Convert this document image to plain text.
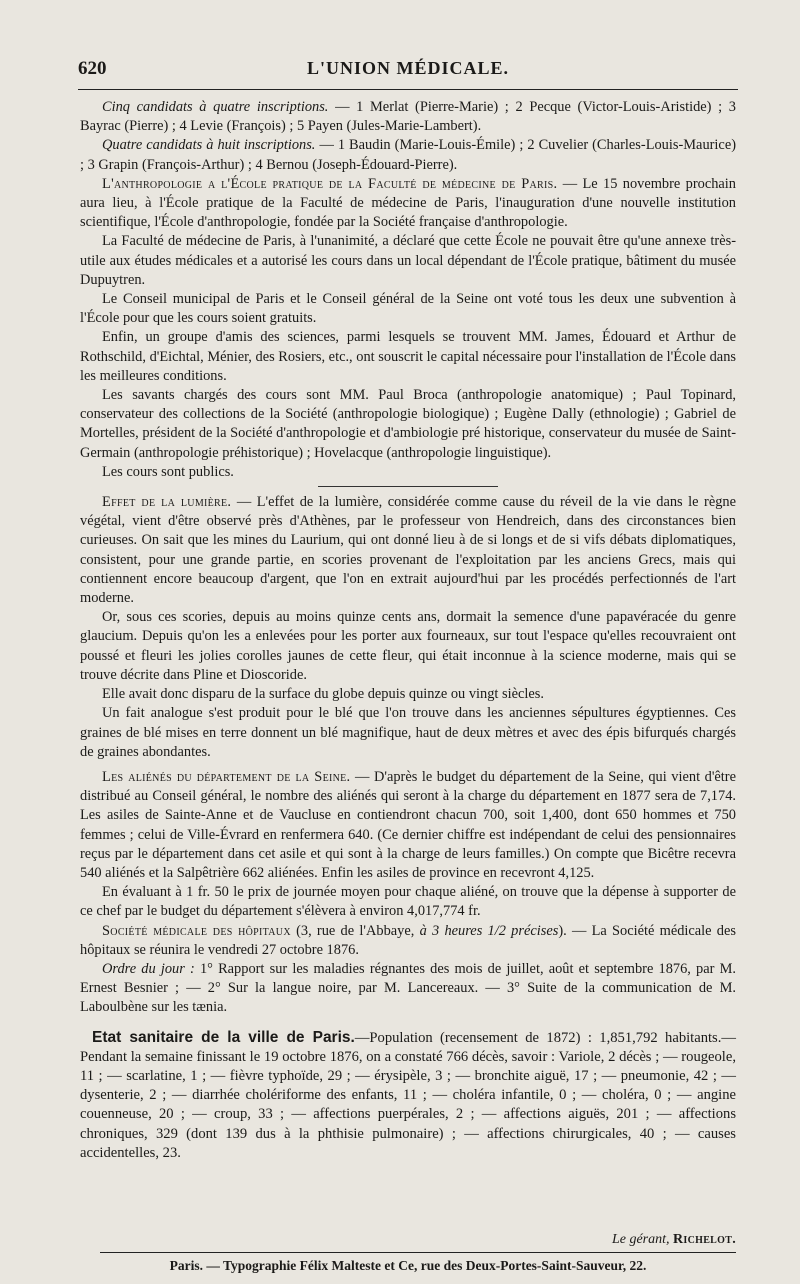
620	L'UNION MÉDICALE.

Cinq candidats à quatre inscriptions. — 1 Merlat (Pierre-Marie) ; 2 Pecque (Victor-Louis-Aristide) ; 3 Bayrac (Pierre) ; 4 Levie (François) ; 5 Payen (Jules-Marie-Lambert).

Quatre candidats à huit inscriptions. — 1 Baudin (Marie-Louis-Émile) ; 2 Cuvelier (Charles-Louis-Maurice) ; 3 Grapin (François-Arthur) ; 4 Bernou (Joseph-Édouard-Pierre).

L'anthropologie a l'École pratique de la Faculté de médecine de Paris. — Le 15 novembre prochain aura lieu, à l'École pratique de la Faculté de médecine de Paris, l'inauguration d'une nouvelle institution scientifique, l'École d'anthropologie, fondée par la Société française d'anthropologie.

La Faculté de médecine de Paris, à l'unanimité, a déclaré que cette École ne pouvait être qu'une annexe très-utile aux études médicales et a autorisé les cours dans un local dépendant de l'École pratique, bâtiment du musée Dupuytren.

Le Conseil municipal de Paris et le Conseil général de la Seine ont voté tous les deux une subvention à l'École pour que les cours soient gratuits.

Enfin, un groupe d'amis des sciences, parmi lesquels se trouvent MM. James, Édouard et Arthur de Rothschild, d'Eichtal, Ménier, des Rosiers, etc., ont souscrit le capital nécessaire pour l'installation de l'École dans les meilleures conditions.

Les savants chargés des cours sont MM. Paul Broca (anthropologie anatomique) ; Paul Topinard, conservateur des collections de la Société (anthropologie biologique) ; Eugène Dally (ethnologie) ; Gabriel de Mortelles, président de la Société d'anthropologie et d'ambiologie pré historique, conservateur du musée de Saint-Germain (anthropologie préhistorique) ; Hovelacque (anthropologie linguistique).

Les cours sont publics.

Effet de la lumière. — L'effet de la lumière, considérée comme cause du réveil de la vie dans le règne végétal, vient d'être observé près d'Athènes, par le professeur von Hendreich, dans des circonstances bien curieuses. On sait que les mines du Laurium, qui ont donné lieu à de si longs et de si vifs débats diplomatiques, consistent, pour une grande partie, en scories provenant de l'exploitation par les anciens Grecs, mais qui contiennent encore beaucoup d'argent, que l'on en extrait aujourd'hui par les procédés perfectionnés de l'art moderne.

Or, sous ces scories, depuis au moins quinze cents ans, dormait la semence d'une papavéracée du genre glaucium. Depuis qu'on les a enlevées pour les porter aux fourneaux, sur tout l'espace qu'elles recouvraient ont poussé et fleuri les jolies corolles jaunes de cette fleur, qui était inconnue à la science moderne, mais qui se trouve décrite dans Pline et Dioscoride.

Elle avait donc disparu de la surface du globe depuis quinze ou vingt siècles.

Un fait analogue s'est produit pour le blé que l'on trouve dans les anciennes sépultures égyptiennes. Ces graines de blé mises en terre donnent un blé magnifique, haut de deux mètres et avec des épis bifurqués chargés de graines abondantes.

Les aliénés du département de la Seine. — D'après le budget du département de la Seine, qui vient d'être distribué au Conseil général, le nombre des aliénés qui seront à la charge du département en 1877 sera de 7,174. Les asiles de Sainte-Anne et de Vaucluse en contiendront chacun 700, soit 1,400, dont 650 hommes et 750 femmes ; celui de Ville-Évrard en renfermera 640. (Ce dernier chiffre est indépendant de celui des pensionnaires reçus par le département dans cet asile et qui sont à la charge de leurs familles.) On compte que Bicêtre recevra 540 aliénés et la Salpêtrière 662 aliénées. Enfin les asiles de province en recevront 4,125.

En évaluant à 1 fr. 50 le prix de journée moyen pour chaque aliéné, on trouve que la dépense à supporter de ce chef par le budget du département s'élèvera à environ 4,017,774 fr.

Société médicale des hôpitaux (3, rue de l'Abbaye, à 3 heures 1/2 précises). — La Société médicale des hôpitaux se réunira le vendredi 27 octobre 1876.

Ordre du jour : 1° Rapport sur les maladies régnantes des mois de juillet, août et septembre 1876, par M. Ernest Besnier ; — 2° Sur la langue noire, par M. Lancereaux. — 3° Suite de la communication de M. Laboulbène sur les tænia.

Etat sanitaire de la ville de Paris.—Population (recensement de 1872) : 1,851,792 habitants.—Pendant la semaine finissant le 19 octobre 1876, on a constaté 766 décès, savoir : Variole, 2 décès ; — rougeole, 11 ; — scarlatine, 1 ; — fièvre typhoïde, 29 ; — érysipèle, 3 ; — bronchite aiguë, 17 ; — pneumonie, 42 ; — dysenterie, 2 ; — diarrhée cholériforme des enfants, 11 ; — choléra infantile, 0 ; — choléra, 0 ; — angine couenneuse, 20 ; — croup, 33 ; — affections puerpérales, 2 ; — affections aiguës, 201 ; — affections chroniques, 329 (dont 139 dus à la phthisie pulmonaire) ; — affections chirurgicales, 40 ; — causes accidentelles, 23.

Le gérant, Richelot.
Paris. — Typographie Félix Malteste et Ce, rue des Deux-Portes-Saint-Sauveur, 22.
